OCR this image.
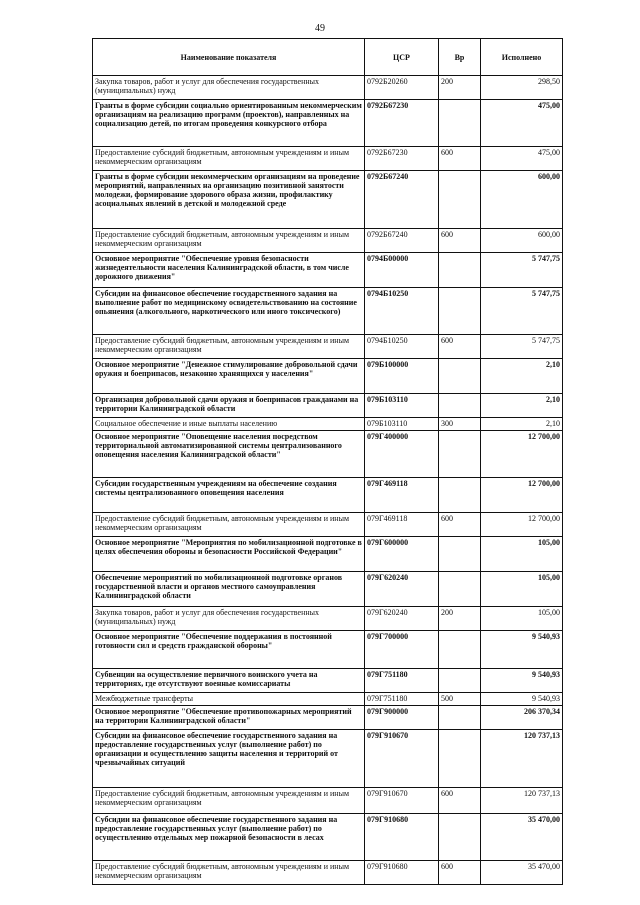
49
Наименование показателя	ЦСР	Вр	Исполнено
Закупка товаров, работ и услуг для обеспечения государственных (муниципальных) нужд	0792Б20260	200	298,50
Гранты в форме субсидии социально ориентированным некоммерческим организациям на реализацию программ (проектов), направленных на социализацию детей, по итогам проведения конкурсного отбора	0792Б67230		475,00
Предоставление субсидий бюджетным, автономным учреждениям и иным некоммерческим организациям	0792Б67230	600	475,00
Гранты в форме субсидии некоммерческим организациям на проведение мероприятий, направленных на организацию позитивной занятости молодежи, формирование здорового образа жизни, профилактику асоциальных явлений в детской и молодежной среде	0792Б67240		600,00
Предоставление субсидий бюджетным, автономным учреждениям и иным некоммерческим организациям	0792Б67240	600	600,00
Основное мероприятие "Обеспечение уровня безопасности жизнедеятельности населения Калининградской области, в том числе дорожного движения"	0794Б00000		5 747,75
Субсидии на финансовое обеспечение государственного задания на выполнение работ по медицинскому освидетельствованию на состояние опьянения (алкогольного, наркотического или иного токсического)	0794Б10250		5 747,75
Предоставление субсидий бюджетным, автономным учреждениям и иным некоммерческим организациям	0794Б10250	600	5 747,75
Основное мероприятие "Денежное стимулирование добровольной сдачи оружия и боеприпасов, незаконно хранящихся у населения"	079Б100000		2,10
Организация добровольной сдачи оружия и боеприпасов гражданами на территории Калининградской области	079Б103110		2,10
Социальное обеспечение и иные выплаты населению	079Б103110	300	2,10
Основное мероприятие "Оповещение населения посредством территориальной автоматизированной системы централизованного оповещения населения Калининградской области"	079Г400000		12 700,00
Субсидии государственным учреждениям на обеспечение создания системы централизованного оповещения населения	079Г469118		12 700,00
Предоставление субсидий бюджетным, автономным учреждениям и иным некоммерческим организациям	079Г469118	600	12 700,00
Основное мероприятие "Мероприятия по мобилизационной подготовке в целях обеспечения обороны и безопасности Российской Федерации"	079Г600000		105,00
Обеспечение мероприятий по мобилизационной подготовке органов государственной власти и органов местного самоуправления Калининградской области	079Г620240		105,00
Закупка товаров, работ и услуг для обеспечения государственных (муниципальных) нужд	079Г620240	200	105,00
Основное мероприятие "Обеспечение поддержания в постоянной готовности сил и средств гражданской обороны"	079Г700000		9 540,93
Субвенции на осуществление первичного воинского учета на территориях, где отсутствуют военные комиссариаты	079Г751180		9 540,93
Межбюджетные трансферты	079Г751180	500	9 540,93
Основное мероприятие "Обеспечение противопожарных мероприятий на территории Калининградской области"	079Г900000		206 370,34
Субсидии на финансовое обеспечение государственного задания на предоставление государственных услуг (выполнение работ) по организации и осуществлению защиты населения и территорий от чрезвычайных ситуаций	079Г910670		120 737,13
Предоставление субсидий бюджетным, автономным учреждениям и иным некоммерческим организациям	079Г910670	600	120 737,13
Субсидии на финансовое обеспечение государственного задания на предоставление государственных услуг (выполнение работ) по осуществлению отдельных мер пожарной безопасности в лесах	079Г910680		35 470,00
Предоставление субсидий бюджетным, автономным учреждениям и иным некоммерческим организациям	079Г910680	600	35 470,00
